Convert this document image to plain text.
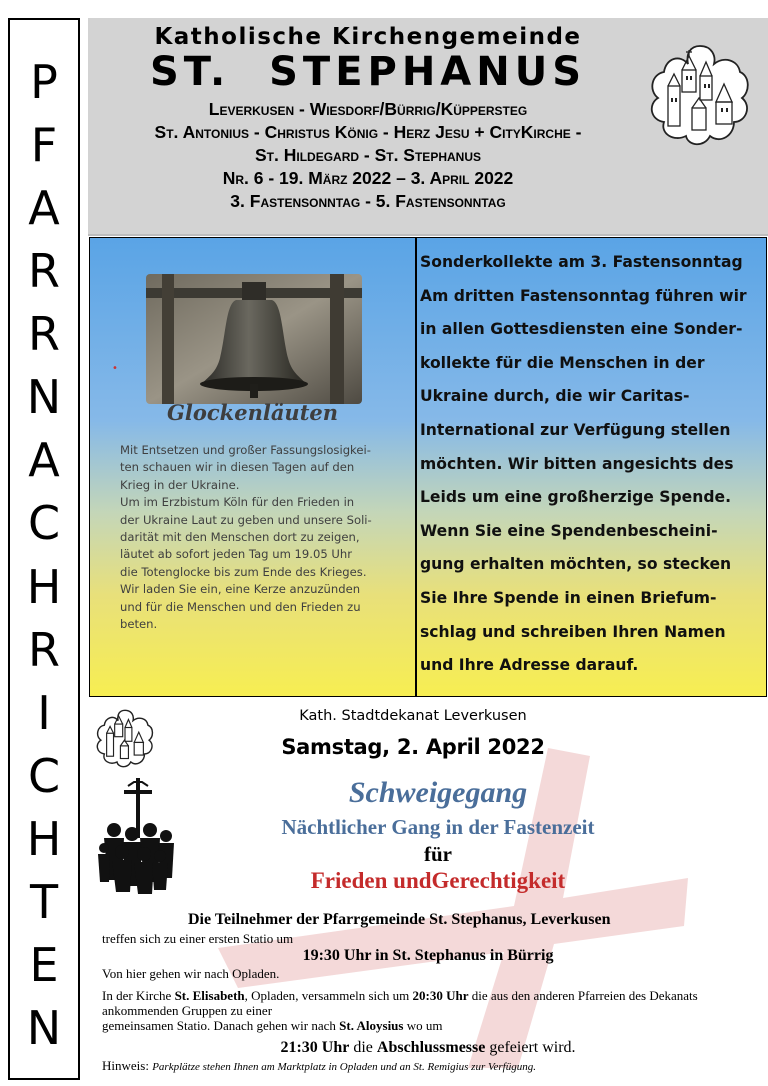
P
F
A
R
R
N
A
C
H
R
I
C
H
T
E
N
Katholische Kirchengemeinde
ST. STEPHANUS
Leverkusen - Wiesdorf/Bürrig/Küppersteg
St. Antonius - Christus König - Herz Jesu + CityKirche -
St. Hildegard - St. Stephanus
Nr. 6 - 19. März 2022 – 3. April 2022
3. Fastensonntag - 5. Fastensonntag
•
Glockenläuten
Mit Entsetzen und großer Fassungslosigkei-
ten schauen wir in diesen Tagen auf den
Krieg in der Ukraine.
Um im Erzbistum Köln für den Frieden in
der Ukraine Laut zu geben und unsere Soli-
darität mit den Menschen dort zu zeigen,
läutet ab sofort jeden Tag um 19.05 Uhr
die Totenglocke bis zum Ende des Krieges.
Wir laden Sie ein, eine Kerze anzuzünden
und für die Menschen und den Frieden zu
beten.
Sonderkollekte am 3. Fastensonntag
Am dritten Fastensonntag führen wir
in allen Gottesdiensten eine Sonder-
kollekte für die Menschen in der
Ukraine durch, die wir Caritas-
International zur Verfügung stellen
möchten. Wir bitten angesichts des
Leids um eine großherzige Spende.
Wenn Sie eine Spendenbescheini-
gung erhalten möchten, so stecken
Sie Ihre Spende in einen Briefum-
schlag und schreiben Ihren Namen
und Ihre Adresse darauf.
Kath. Stadtdekanat Leverkusen
Samstag, 2. April 2022
Schweigegang
Nächtlicher Gang in der Fastenzeit
für
Frieden undGerechtigkeit
Die Teilnehmer der Pfarrgemeinde St. Stephanus, Leverkusen
treffen sich zu einer ersten Statio um
19:30 Uhr in St. Stephanus in Bürrig
Von hier gehen wir nach Opladen.
In der Kirche St. Elisabeth, Opladen, versammeln sich um 20:30 Uhr die aus den anderen Pfarreien des Dekanats ankommenden Gruppen zu einer
gemeinsamen Statio. Danach gehen wir nach St. Aloysius wo um
21:30 Uhr die Abschlussmesse gefeiert wird.
Hinweis: Parkplätze stehen Ihnen am Marktplatz in Opladen und an St. Remigius zur Verfügung.
